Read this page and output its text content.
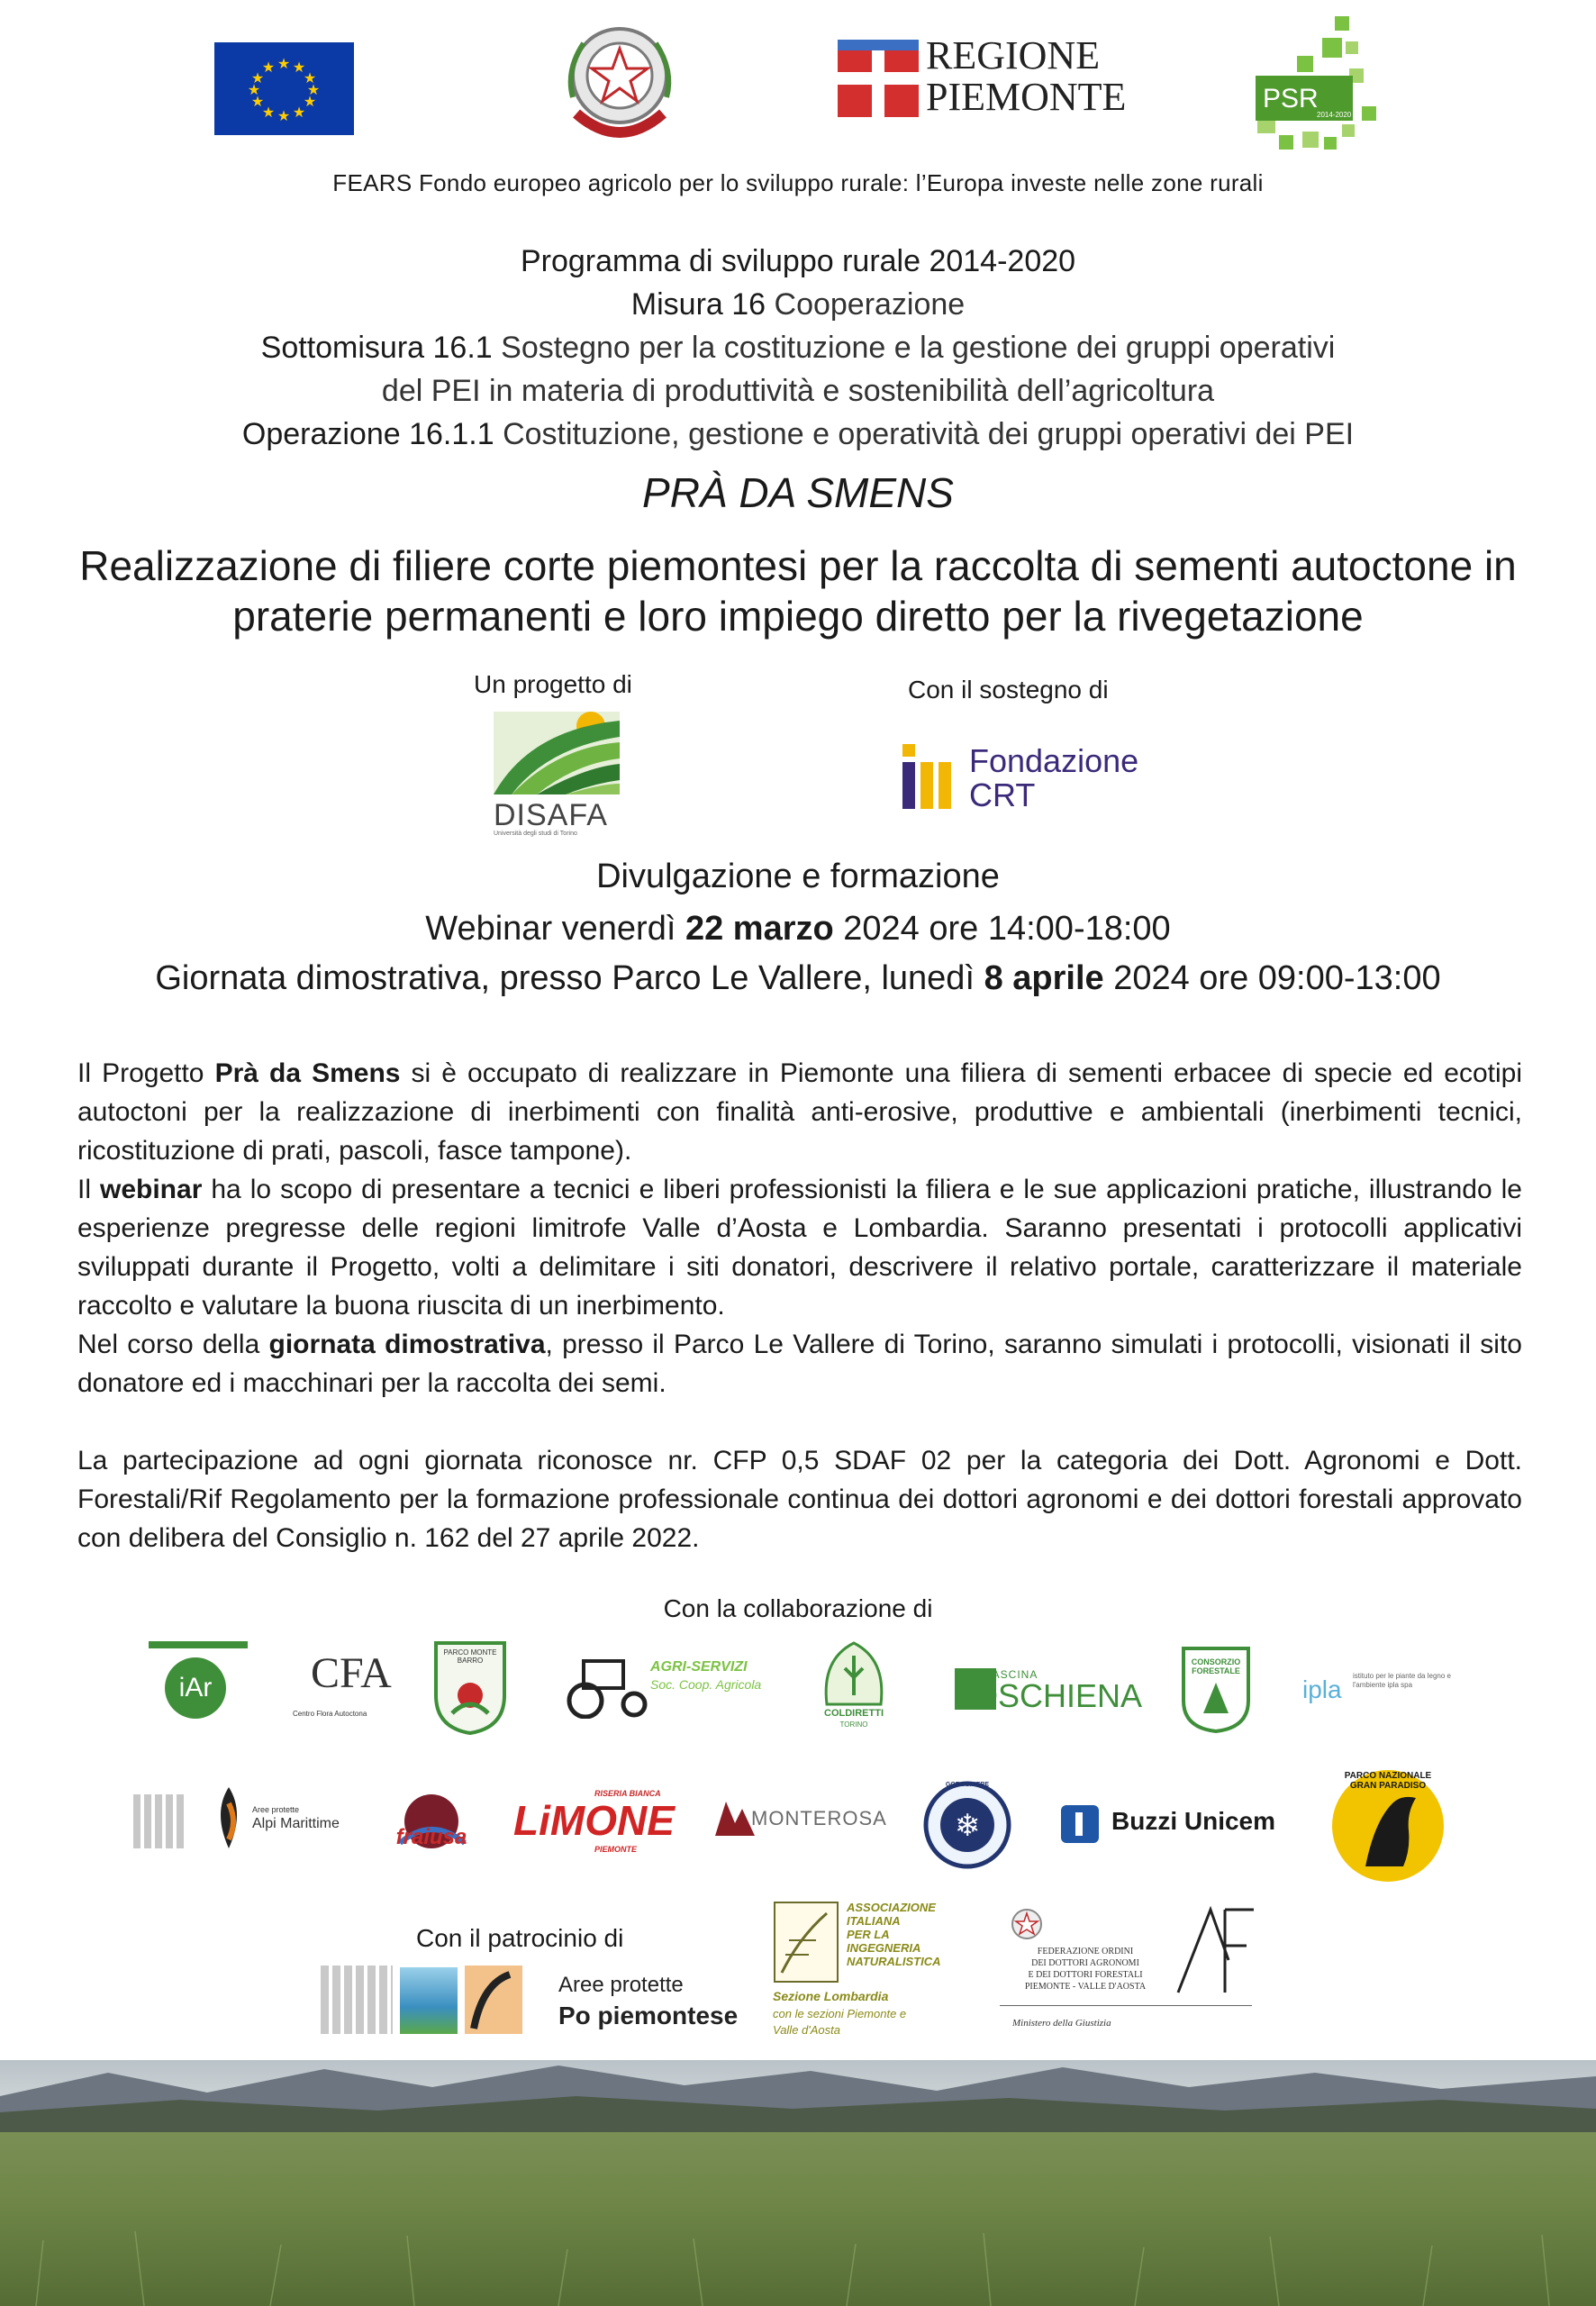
★ ★
★
★
★
★
★
★
★
★
★
★	REGIONE
PIEMONTE	PSR
2014-2020
FEARS Fondo europeo agricolo per lo sviluppo rurale: l’Europa investe nelle zone rurali
Programma di sviluppo rurale 2014-2020
Misura 16 Cooperazione
Sottomisura 16.1 Sostegno per la costituzione e la gestione dei gruppi operativi
del PEI in materia di produttività e sostenibilità dell’agricoltura
Operazione 16.1.1 Costituzione, gestione e operatività dei gruppi operativi dei PEI
PRÀ DA SMENS
Realizzazione di filiere corte piemontesi per la raccolta di sementi autoctone in
praterie permanenti e loro impiego diretto per la rivegetazione
Un progetto di
DISAFA
Università degli studi di Torino
Con il sostegno di
Fondazione
CRT
Divulgazione e formazione
Webinar venerdì 22 marzo 2024 ore 14:00-18:00
Giornata dimostrativa, presso Parco Le Vallere, lunedì 8 aprile 2024 ore 09:00-13:00

Il Progetto Prà da Smens si è occupato di realizzare in Piemonte una filiera di sementi erbacee di specie ed ecotipi autoctoni per la realizzazione di inerbimenti con finalità anti-erosive, produttive e ambientali (inerbimenti tecnici, ricostituzione di prati, pascoli, fasce tampone).

Il webinar ha lo scopo di presentare a tecnici e liberi professionisti la filiera e le sue applicazioni pratiche, illustrando le esperienze pregresse delle regioni limitrofe Valle d’Aosta e Lombardia. Saranno presentati i protocolli applicativi sviluppati durante il Progetto, volti a delimitare i siti donatori, descrivere il relativo portale, caratterizzare il materiale raccolto e valutare la buona riuscita di un inerbimento.

Nel corso della giornata dimostrativa, presso il Parco Le Vallere di Torino, saranno simulati i protocolli, visionati il sito donatore ed i macchinari per la raccolta dei semi.

La partecipazione ad ogni giornata riconosce nr. CFP 0,5 SDAF 02 per la categoria dei Dott. Agronomi e Dott. Forestali/Rif Regolamento per la formazione professionale continua dei dottori agronomi e dei dottori forestali approvato con delibera del Consiglio n. 162 del 27 aprile 2022.

Con la collaborazione di
iAr	CFA
Centro Flora Autoctona
PARCO MONTE BARRO	AGRI-SERVIZI
Soc. Coop. Agricola
COLDIRETTI
TORINO
CASCINA
OSCHIENA
CONSORZIO FORESTALE
ipla istituto per le piante da legno e l'ambiente ipla spa
Aree protette
Alpi Marittime
fraiusa
RISERIA BIANCA
LiMONE
PIEMONTE
MONTEROSA ❄
GORGONIERE
Buzzi Unicem
PARCO NAZIONALE GRAN PARADISO
Con il patrocinio di
Aree protette
Po piemontese
ASSOCIAZIONE
ITALIANA
PER LA
INGEGNERIA
NATURALISTICA
Sezione Lombardia
con le sezioni Piemonte e
Valle d'Aosta
FEDERAZIONE ORDINI
DEI DOTTORI AGRONOMI
E DEI DOTTORI FORESTALI
PIEMONTE - VALLE D'AOSTA
Ministero della Giustizia
